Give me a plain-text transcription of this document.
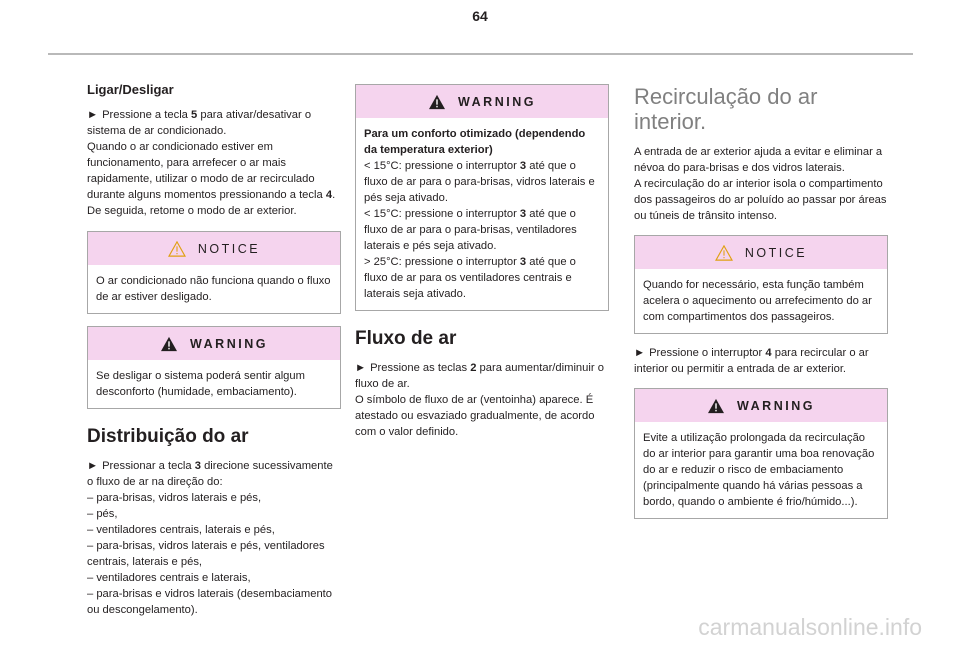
64
Ligar/Desligar

► Pressione a tecla 5 para ativar/desativar o sistema de ar condicionado.

Quando o ar condicionado estiver em funcionamento, para arrefecer o ar mais rapidamente, utilizar o modo de ar recirculado durante alguns momentos pressionando a tecla 4. De seguida, retome o modo de ar exterior.

NOTICE
O ar condicionado não funciona quando o fluxo de ar estiver desligado.
WARNING
Se desligar o sistema poderá sentir algum desconforto (humidade, embaciamento).
Distribuição do ar

► Pressionar a tecla 3 direcione sucessivamente o fluxo de ar na direção do:

– para-brisas, vidros laterais e pés,

– pés,

– ventiladores centrais, laterais e pés,

– para-brisas, vidros laterais e pés, ventiladores centrais, laterais e pés,

– ventiladores centrais e laterais,

– para-brisas e vidros laterais (desembaciamento ou descongelamento).

WARNING

Para um conforto otimizado (dependendo da temperatura exterior)

< 15°C: pressione o interruptor 3 até que o fluxo de ar para o para-brisas, vidros laterais e pés seja ativado.

< 15°C: pressione o interruptor 3 até que o fluxo de ar para o para-brisas, ventiladores laterais e pés seja ativado.

> 25°C: pressione o interruptor 3 até que o fluxo de ar para os ventiladores centrais e laterais seja ativado.

Fluxo de ar

► Pressione as teclas 2 para aumentar/diminuir o fluxo de ar.

O símbolo de fluxo de ar (ventoinha) aparece. É atestado ou esvaziado gradualmente, de acordo com o valor definido.

Recirculação do ar interior.

A entrada de ar exterior ajuda a evitar e eliminar a névoa do para-brisas e dos vidros laterais.

A recirculação do ar interior isola o compartimento dos passageiros do ar poluído ao passar por áreas ou túneis de trânsito intenso.

NOTICE
Quando for necessário, esta função também acelera o aquecimento ou arrefecimento do ar com compartimentos dos passageiros.

► Pressione o interruptor 4 para recircular o ar interior ou permitir a entrada de ar exterior.

WARNING
Evite a utilização prolongada da recirculação do ar interior para garantir uma boa renovação do ar e reduzir o risco de embaciamento (principalmente quando há várias pessoas a bordo, quando o ambiente é frio/húmido...).
carmanualsonline.info
